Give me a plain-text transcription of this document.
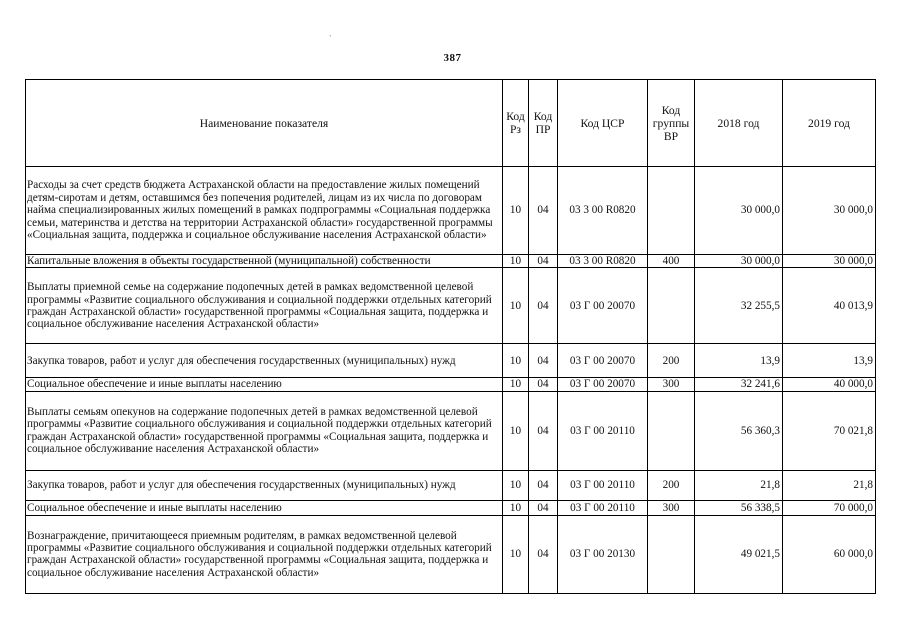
`
387
Наименование показателя	Код Рз	Код ПР	Код ЦСР	Код группы ВР	2018 год	2019 год
Расходы за счет средств бюджета Астраханской области на предоставление жилых помещений детям-сиротам и детям, оставшимся без попечения родителей, лицам из их числа по договорам найма специализированных жилых помещений в рамках подпрограммы «Социальная поддержка семьи, материнства и детства на территории Астраханской области» государственной программы «Социальная защита, поддержка и социальное обслуживание населения Астраханской области»	10	04	03 3 00 R0820		30 000,0	30 000,0
Капитальные вложения в объекты государственной (муниципальной) собственности	10	04	03 3 00 R0820	400	30 000,0	30 000,0
Выплаты приемной семье на содержание подопечных детей в рамках ведомственной целевой программы «Развитие социального обслуживания и социальной поддержки отдельных категорий граждан Астраханской области» государственной программы «Социальная защита, поддержка и социальное обслуживание населения Астраханской области»	10	04	03 Г 00 20070		32 255,5	40 013,9
Закупка товаров, работ и услуг для обеспечения государственных (муниципальных) нужд	10	04	03 Г 00 20070	200	13,9	13,9
Социальное обеспечение и иные выплаты населению	10	04	03 Г 00 20070	300	32 241,6	40 000,0
Выплаты семьям опекунов на содержание подопечных детей в рамках ведомственной целевой программы «Развитие социального обслуживания и социальной поддержки отдельных категорий граждан Астраханской области» государственной программы «Социальная защита, поддержка и социальное обслуживание населения Астраханской области»	10	04	03 Г 00 20110		56 360,3	70 021,8
Закупка товаров, работ и услуг для обеспечения государственных (муниципальных) нужд	10	04	03 Г 00 20110	200	21,8	21,8
Социальное обеспечение и иные выплаты населению	10	04	03 Г 00 20110	300	56 338,5	70 000,0
Вознаграждение, причитающееся приемным родителям, в рамках ведомственной целевой программы «Развитие социального обслуживания и социальной поддержки отдельных категорий граждан Астраханской области» государственной программы «Социальная защита, поддержка и социальное обслуживание населения Астраханской области»	10	04	03 Г 00 20130		49 021,5	60 000,0
